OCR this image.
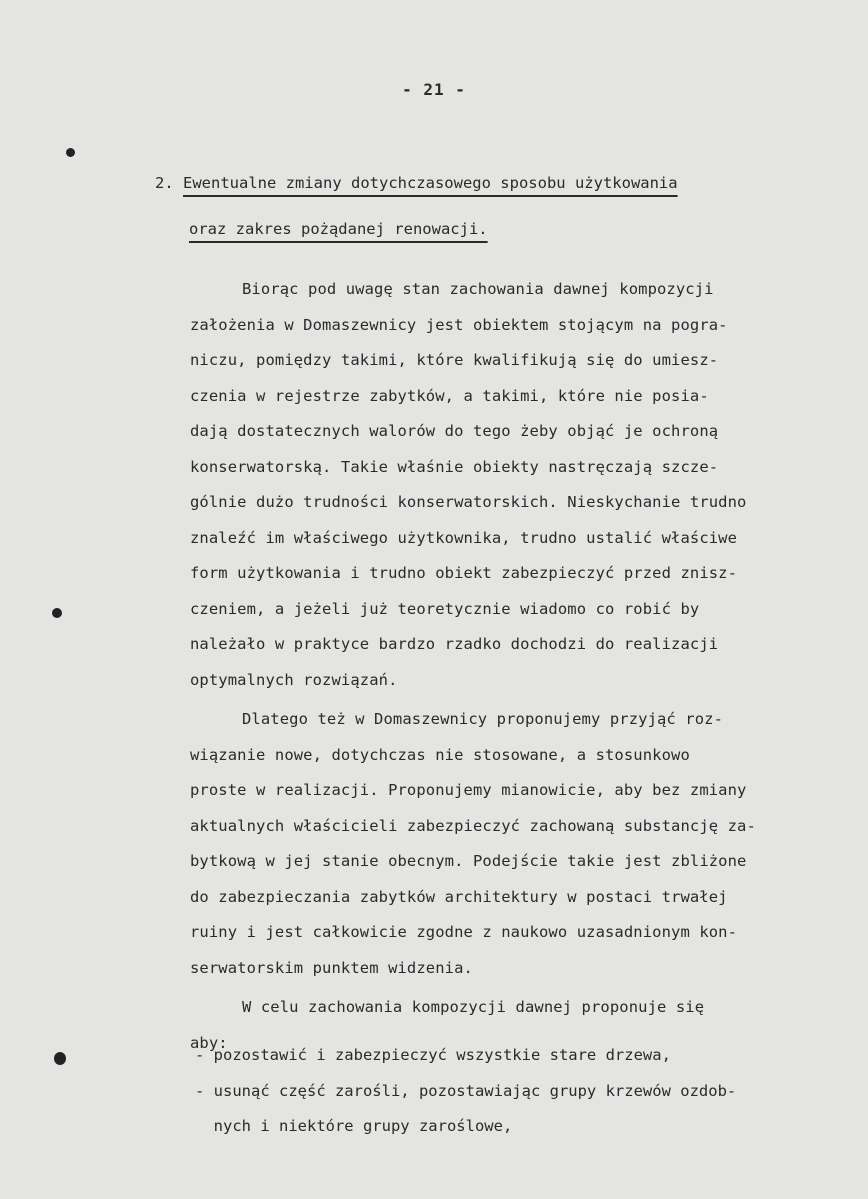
- 21 -
2. Ewentualne zmiany dotychczasowego sposobu użytkowania
oraz zakres pożądanej renowacji.

Biorąc pod uwagę stan zachowania dawnej kompozycji

założenia w Domaszewnicy jest obiektem stojącym na pogra-

niczu, pomiędzy takimi, które kwalifikują się do umiesz-

czenia w rejestrze zabytków, a takimi, które nie posia-

dają dostatecznych walorów do tego żeby objąć je ochroną

konserwatorską. Takie właśnie obiekty nastręczają szcze-

gólnie dużo trudności konserwatorskich. Nieskychanie trudno

znaleźć im właściwego użytkownika, trudno ustalić właściwe

form użytkowania i trudno obiekt zabezpieczyć przed znisz-

czeniem, a jeżeli już teoretycznie wiadomo co robić by

należało w praktyce bardzo rzadko dochodzi do realizacji

optymalnych rozwiązań.

Dlatego też w Domaszewnicy proponujemy przyjąć roz-

wiązanie nowe, dotychczas nie stosowane, a stosunkowo

proste w realizacji. Proponujemy mianowicie, aby bez zmiany

aktualnych właścicieli zabezpieczyć zachowaną substancję za-

bytkową w jej stanie obecnym. Podejście takie jest zbliżone

do zabezpieczania zabytków architektury w postaci trwałej

ruiny i jest całkowicie zgodne z naukowo uzasadnionym kon-

serwatorskim punktem widzenia.

W celu zachowania kompozycji dawnej proponuje się

aby:

- pozostawić i zabezpieczyć wszystkie stare drzewa,
- usunąć część zarośli, pozostawiając grupy krzewów ozdob-
nych i niektóre grupy zaroślowe,
